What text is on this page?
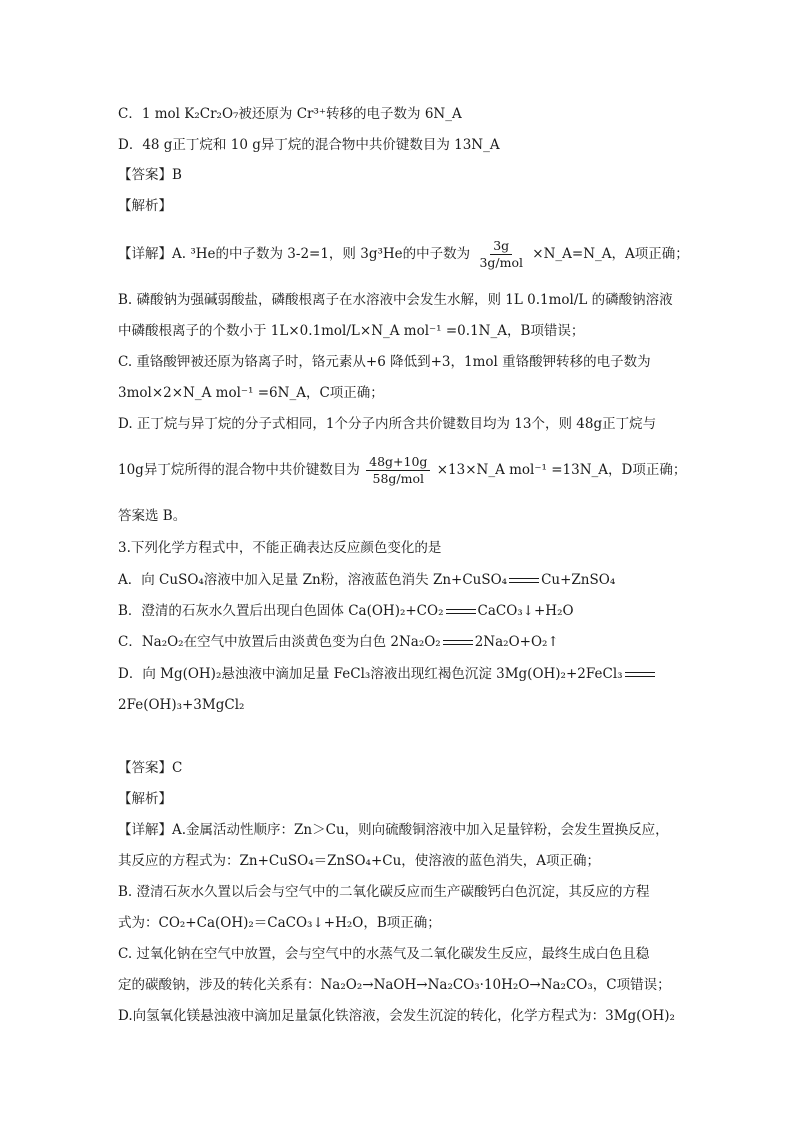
C．1 mol K₂Cr₂O₇被还原为 Cr³⁺转移的电子数为 6N_A
D．48 g正丁烷和 10 g异丁烷的混合物中共价键数目为 13N_A
【答案】B
【解析】
【详解】A. ³He的中子数为 3-2=1，则 3g³He的中子数为 $\frac{3g}{\text{3g/mol}}$ ×N_A=N_A，A项正确；
B. 磷酸钠为强碱弱酸盐，磷酸根离子在水溶液中会发生水解，则 1L 0.1mol/L 的磷酸钠溶液
中磷酸根离子的个数小于 1L×0.1mol/L×N_A mol⁻¹ =0.1N_A，B项错误；
C. 重铬酸钾被还原为铬离子时，铬元素从+6 降低到+3，1mol 重铬酸钾转移的电子数为
3mol×2×N_A mol⁻¹ =6N_A，C项正确；
D. 正丁烷与异丁烷的分子式相同，1个分子内所含共价键数目均为 13个，则 48g正丁烷与
10g异丁烷所得的混合物中共价键数目为 $\frac{48g+10g}{\text{58g/mol}}$ ×13×N_A mol⁻¹ =13N_A，D项正确；
答案选 B。
3.下列化学方程式中，不能正确表达反应颜色变化的是
A．向 CuSO₄溶液中加入足量 Zn粉，溶液蓝色消失 Zn+CuSO₄	Cu+ZnSO₄
B．澄清的石灰水久置后出现白色固体 Ca(OH)₂+CO₂	CaCO₃↓+H₂O
C．Na₂O₂在空气中放置后由淡黄色变为白色 2Na₂O₂	2Na₂O+O₂↑
D．向 Mg(OH)₂悬浊液中滴加足量 FeCl₃溶液出现红褐色沉淀 3Mg(OH)₂+2FeCl₃
2Fe(OH)₃+3MgCl₂
【答案】C
【解析】
【详解】A.金属活动性顺序：Zn＞Cu，则向硫酸铜溶液中加入足量锌粉，会发生置换反应，
其反应的方程式为：Zn+CuSO₄＝ZnSO₄+Cu，使溶液的蓝色消失，A项正确；
B. 澄清石灰水久置以后会与空气中的二氧化碳反应而生产碳酸钙白色沉淀，其反应的方程
式为：CO₂+Ca(OH)₂＝CaCO₃↓+H₂O，B项正确；
C. 过氧化钠在空气中放置，会与空气中的水蒸气及二氧化碳发生反应，最终生成白色且稳
定的碳酸钠，涉及的转化关系有：Na₂O₂→NaOH→Na₂CO₃·10H₂O→Na₂CO₃，C项错误；
D.向氢氧化镁悬浊液中滴加足量氯化铁溶液，会发生沉淀的转化，化学方程式为：3Mg(OH)₂
